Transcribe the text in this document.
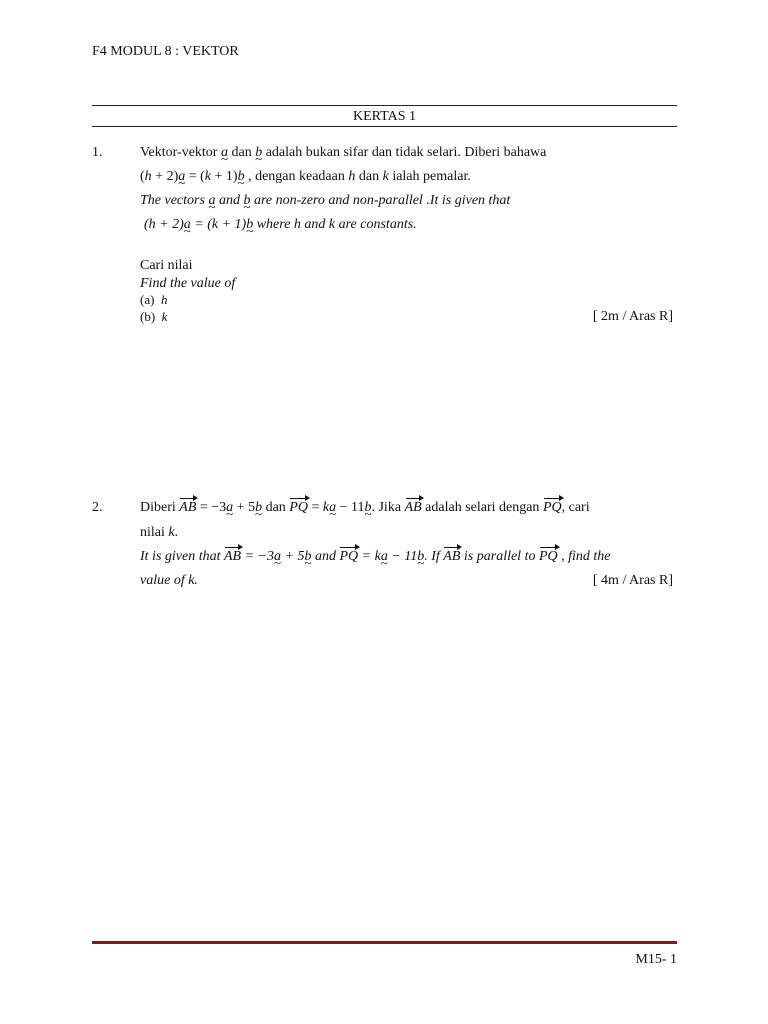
F4 MODUL 8 : VEKTOR
KERTAS 1
1.	Vektor-vektor a ~ dan b ~ adalah bukan sifar dan tidak selari. Diberi bahawa
(h + 2)a ~ = (k + 1)b ~ , dengan keadaan h dan k ialah pemalar.
The vectors a ~ and b ~ are non-zero and non-parallel .It is given that
(h + 2)a ~ = (k + 1)b ~ where h and k are constants.
Cari nilai
Find the value of
(a) h
(b) k	[ 2m / Aras R]
2.	Diberi AB = −3a ~ + 5b ~ dan PQ = ka ~ − 11b ~. Jika AB adalah selari dengan PQ, cari
nilai k.
It is given that AB = −3a ~ + 5b ~ and PQ = ka ~ − 11b ~. If AB is parallel to PQ , find the
value of k.	[ 4m / Aras R]
M15- 1
